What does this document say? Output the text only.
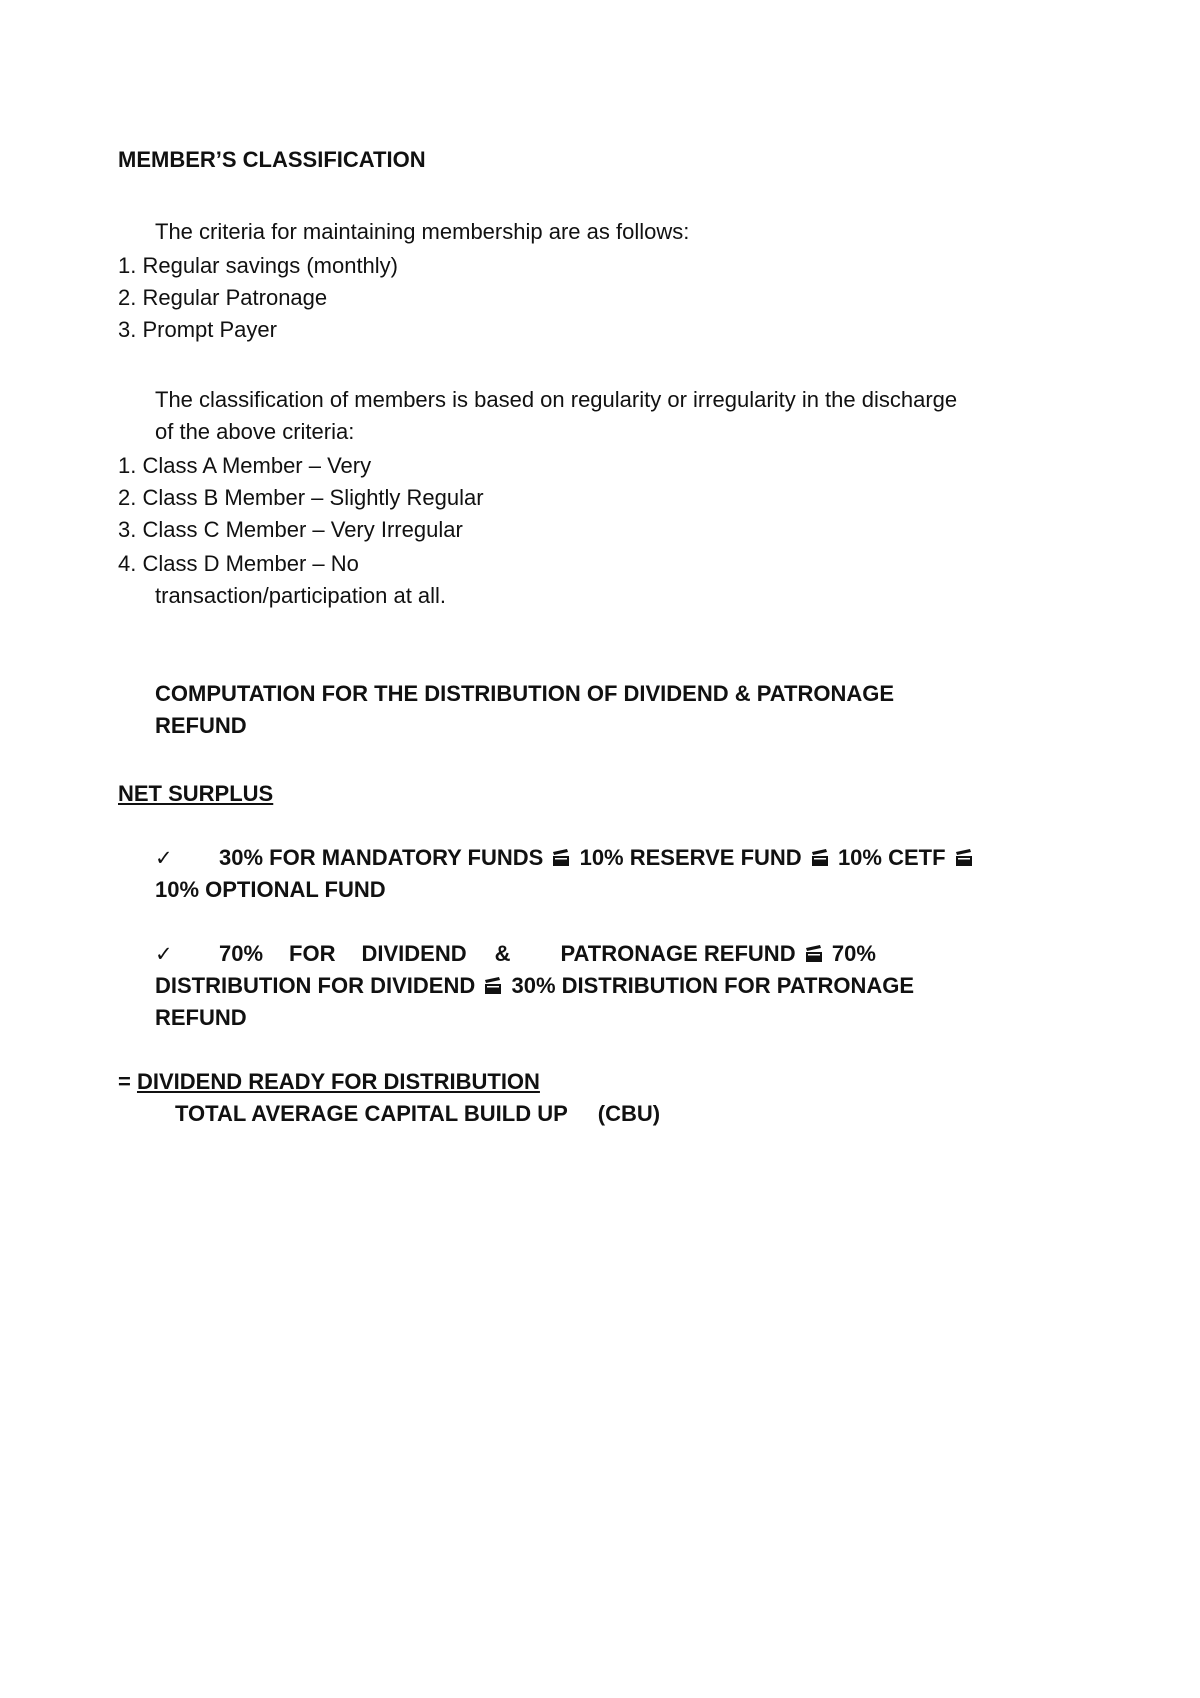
MEMBER’S CLASSIFICATION
The criteria for maintaining membership are as follows:
1. Regular savings (monthly)
2. Regular Patronage
3. Prompt Payer
The classification of members is based on regularity or irregularity in the discharge
of the above criteria:
1. Class A Member – Very
2. Class B Member – Slightly Regular
3. Class C Member – Very Irregular
4. Class D Member – No
transaction/participation at all.
COMPUTATION FOR THE DISTRIBUTION OF DIVIDEND & PATRONAGE
REFUND
NET SURPLUS
✓ 30% FOR MANDATORY FUNDS 10% RESERVE FUND 10% CETF
10% OPTIONAL FUND
✓ 70% FOR DIVIDEND & PATRONAGE REFUND 70%
DISTRIBUTION FOR DIVIDEND 30% DISTRIBUTION FOR PATRONAGE
REFUND
= DIVIDEND READY FOR DISTRIBUTION
TOTAL AVERAGE CAPITAL BUILD UP (CBU)
